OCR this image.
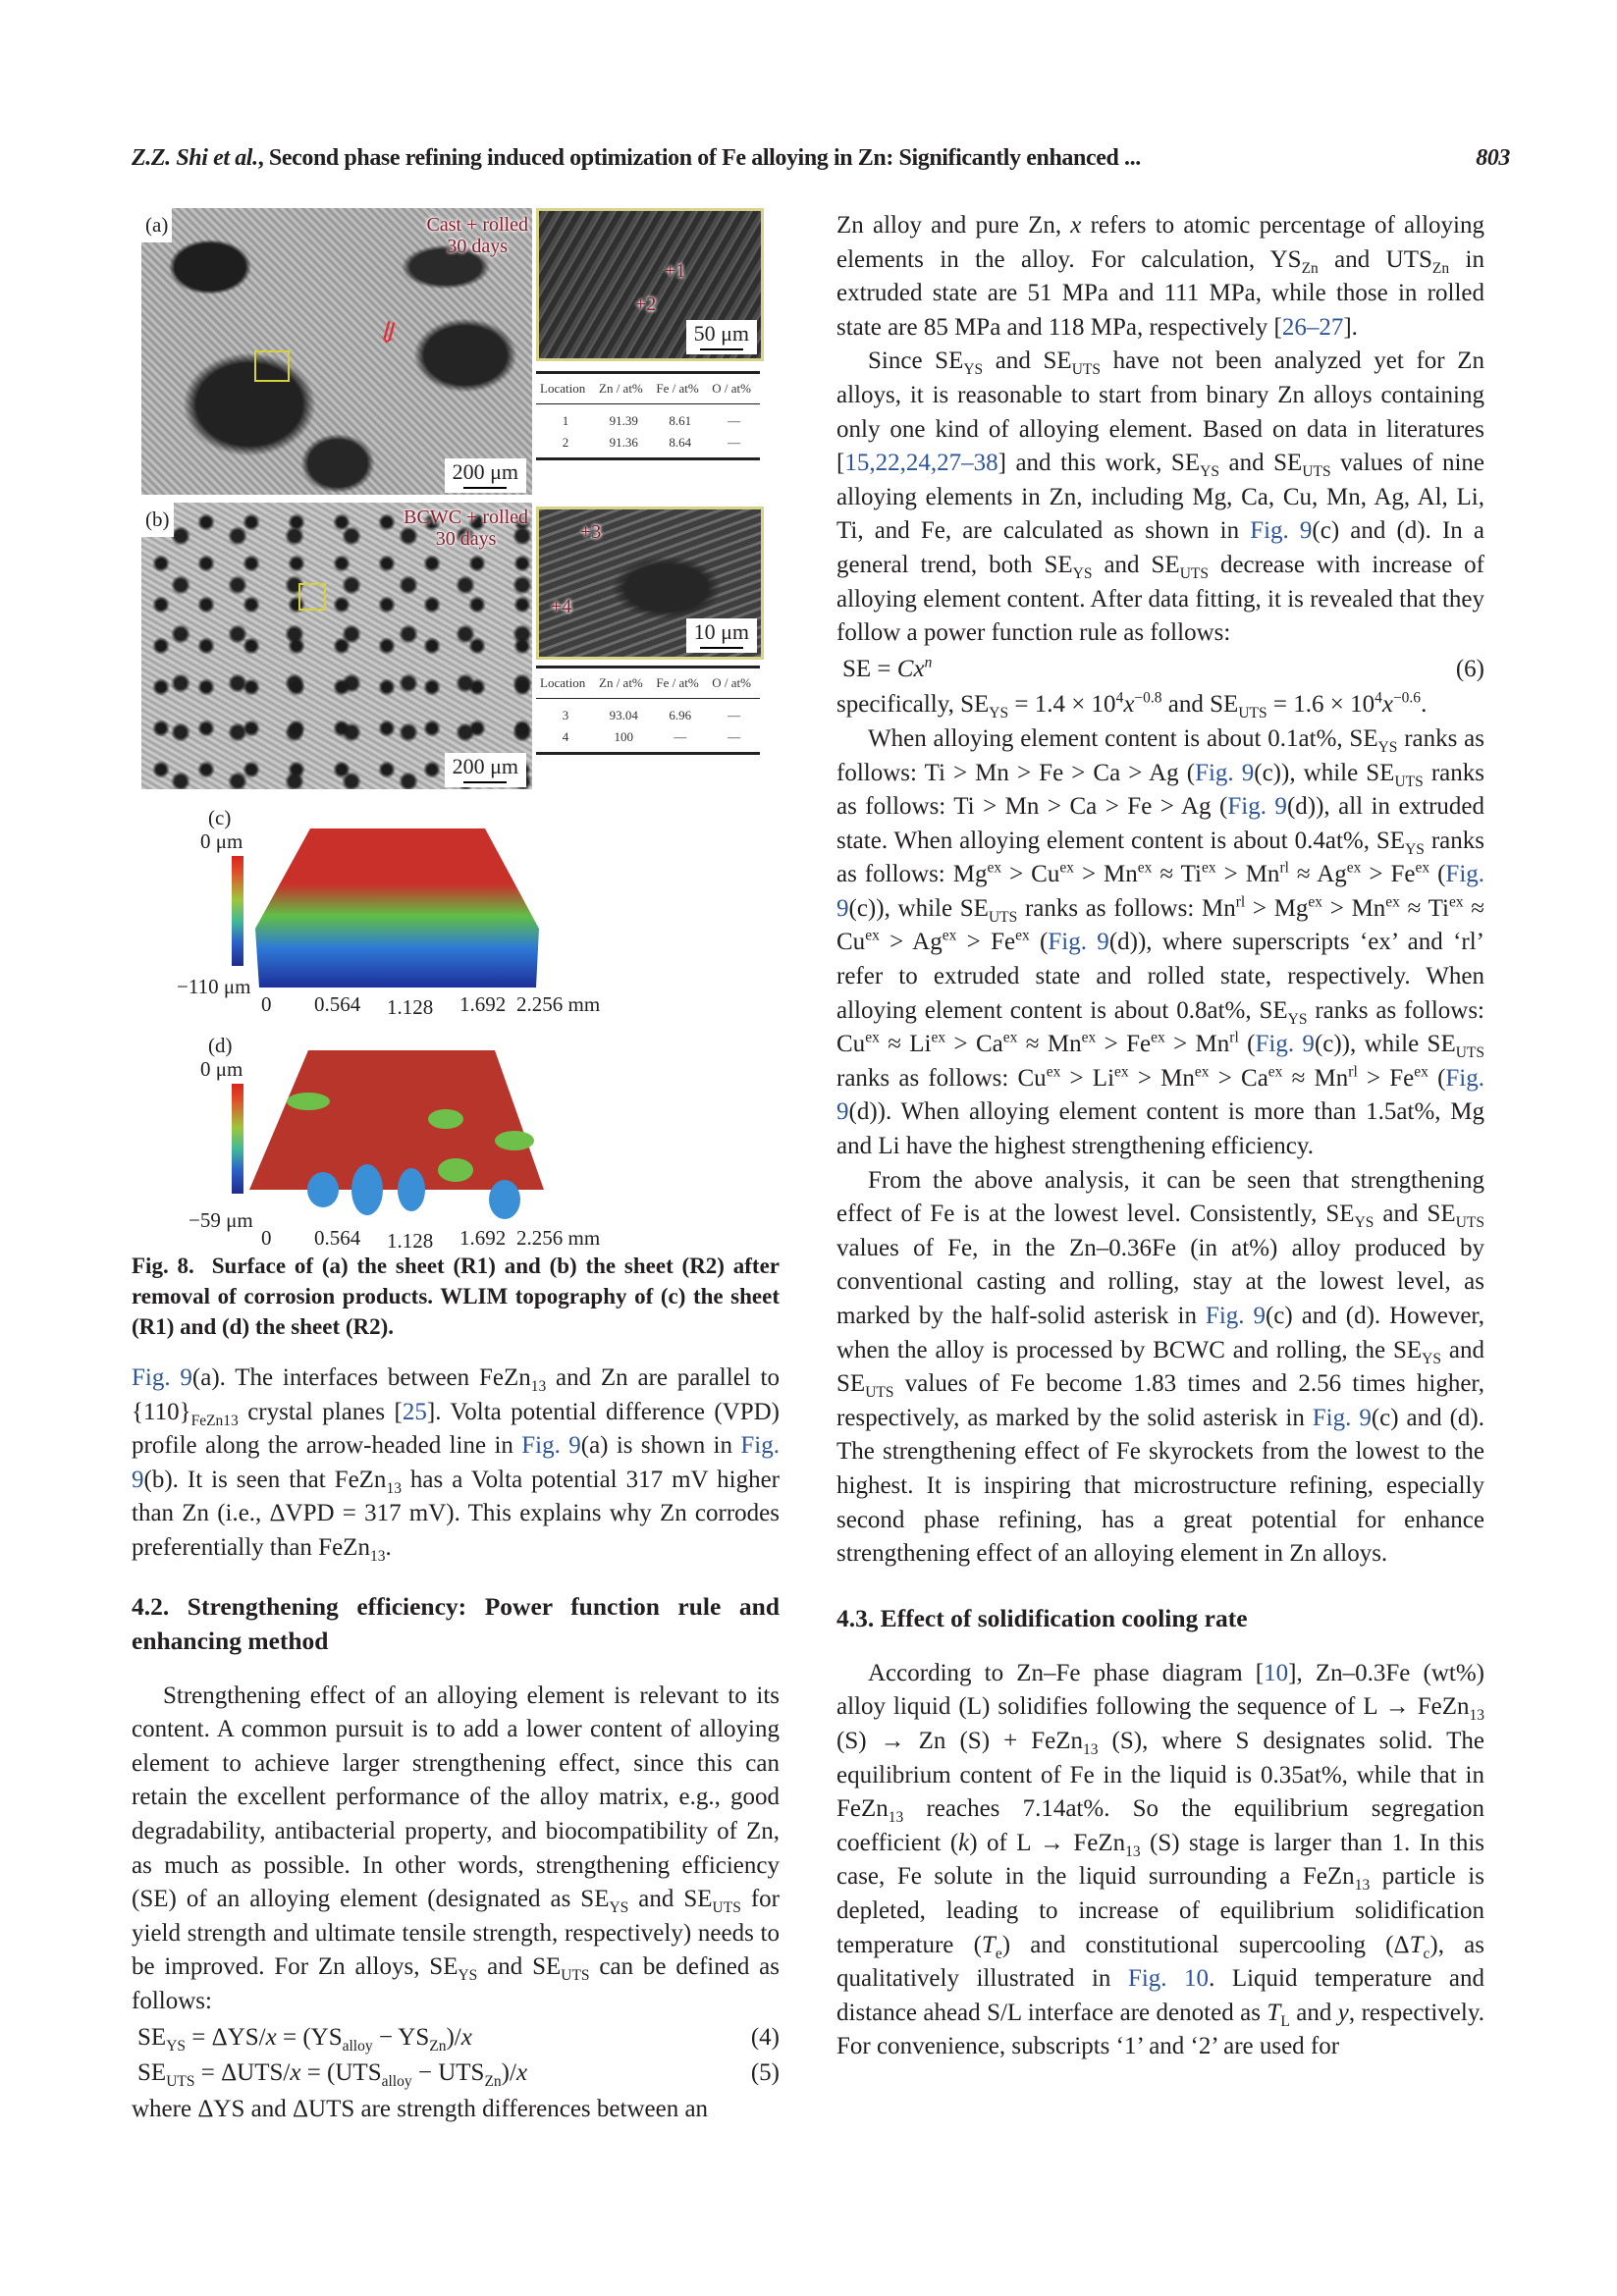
Z.Z. Shi et al., Second phase refining induced optimization of Fe alloying in Zn: Significantly enhanced ...	803
(a)	Cast + rolled
30 days
⇙
200 μm
+1
+2
50 μm
Location	Zn / at%	Fe / at%	O / at%
1	91.39	8.61	—
2	91.36	8.64	—
(b)	BCWC + rolled
30 days
200 μm
+3
+4
10 μm
Location	Zn / at%	Fe / at%	O / at%
3	93.04	6.96	—
4	100	—	—
(c)
0 μm
−110 μm
0 0.564 1.128 1.692 2.256 mm
(d)
0 μm
−59 μm
0 0.564 1.128 1.692 2.256 mm

Fig. 8. Surface of (a) the sheet (R1) and (b) the sheet (R2) after removal of corrosion products. WLIM topography of (c) the sheet (R1) and (d) the sheet (R2).

Fig. 9(a). The interfaces between FeZn$_{13}$ and Zn are parallel to $\{110\}_{FeZn13}$ crystal planes [25]. Volta potential difference (VPD) profile along the arrow-headed line in Fig. 9(a) is shown in Fig. 9(b). It is seen that FeZn$_{13}$ has a Volta potential 317 mV higher than Zn (i.e., ΔVPD = 317 mV). This explains why Zn corrodes preferentially than FeZn$_{13}$.

4.2. Strengthening efficiency: Power function rule and enhancing method

Strengthening effect of an alloying element is relevant to its content. A common pursuit is to add a lower content of alloying element to achieve larger strengthening effect, since this can retain the excellent performance of the alloy matrix, e.g., good degradability, antibacterial property, and biocompatibility of Zn, as much as possible. In other words, strengthening efficiency (SE) of an alloying element (designated as $SE_{YS}$ and $SE_{UTS}$ for yield strength and ultimate tensile strength, respectively) needs to be improved. For Zn alloys, $SE_{YS}$ and $SE_{UTS}$ can be defined as follows:

$SE_{YS} = \Delta YS/x = (YS_{alloy} - YS_{Zn})/x$	(4)
$SE_{UTS} = \Delta UTS/x = (UTS_{alloy} - UTS_{Zn})/x$	(5)

where ΔYS and ΔUTS are strength differences between an

Zn alloy and pure Zn, x refers to atomic percentage of alloying elements in the alloy. For calculation, $YS_{Zn}$ and $UTS_{Zn}$ in extruded state are 51 MPa and 111 MPa, while those in rolled state are 85 MPa and 118 MPa, respectively [26–27].

Since $SE_{YS}$ and $SE_{UTS}$ have not been analyzed yet for Zn alloys, it is reasonable to start from binary Zn alloys containing only one kind of alloying element. Based on data in literatures [15,22,24,27–38] and this work, $SE_{YS}$ and $SE_{UTS}$ values of nine alloying elements in Zn, including Mg, Ca, Cu, Mn, Ag, Al, Li, Ti, and Fe, are calculated as shown in Fig. 9(c) and (d). In a general trend, both $SE_{YS}$ and $SE_{UTS}$ decrease with increase of alloying element content. After data fitting, it is revealed that they follow a power function rule as follows:

SE = $Cx^n$	(6)

specifically, $SE_{YS} = 1.4 \times 10^4x^{-0.8}$ and $SE_{UTS} = 1.6 \times 10^4x^{-0.6}$.

When alloying element content is about 0.1at%, $SE_{YS}$ ranks as follows: Ti > Mn > Fe > Ca > Ag (Fig. 9(c)), while $SE_{UTS}$ ranks as follows: Ti > Mn > Ca > Fe > Ag (Fig. 9(d)), all in extruded state. When alloying element content is about 0.4at%, $SE_{YS}$ ranks as follows: $Mg^{ex} > Cu^{ex} > Mn^{ex} \approx Ti^{ex} > Mn^{rl} \approx Ag^{ex} > Fe^{ex}$ (Fig. 9(c)), while $SE_{UTS}$ ranks as follows: $Mn^{rl} > Mg^{ex} > Mn^{ex} \approx Ti^{ex} \approx Cu^{ex} > Ag^{ex} > Fe^{ex}$ (Fig. 9(d)), where superscripts ‘ex’ and ‘rl’ refer to extruded state and rolled state, respectively. When alloying element content is about 0.8at%, $SE_{YS}$ ranks as follows: $Cu^{ex} \approx Li^{ex} > Ca^{ex} \approx Mn^{ex} > Fe^{ex} > Mn^{rl}$ (Fig. 9(c)), while $SE_{UTS}$ ranks as follows: $Cu^{ex} > Li^{ex} > Mn^{ex} > Ca^{ex} \approx Mn^{rl} > Fe^{ex}$ (Fig. 9(d)). When alloying element content is more than 1.5at%, Mg and Li have the highest strengthening efficiency.

From the above analysis, it can be seen that strengthening effect of Fe is at the lowest level. Consistently, $SE_{YS}$ and $SE_{UTS}$ values of Fe, in the Zn–0.36Fe (in at%) alloy produced by conventional casting and rolling, stay at the lowest level, as marked by the half-solid asterisk in Fig. 9(c) and (d). However, when the alloy is processed by BCWC and rolling, the $SE_{YS}$ and $SE_{UTS}$ values of Fe become 1.83 times and 2.56 times higher, respectively, as marked by the solid asterisk in Fig. 9(c) and (d). The strengthening effect of Fe skyrockets from the lowest to the highest. It is inspiring that microstructure refining, especially second phase refining, has a great potential for enhance strengthening effect of an alloying element in Zn alloys.

4.3. Effect of solidification cooling rate

According to Zn–Fe phase diagram [10], Zn–0.3Fe (wt%) alloy liquid (L) solidifies following the sequence of L → FeZn$_{13}$ (S) → Zn (S) + FeZn$_{13}$ (S), where S designates solid. The equilibrium content of Fe in the liquid is 0.35at%, while that in FeZn$_{13}$ reaches 7.14at%. So the equilibrium segregation coefficient (k) of L → FeZn$_{13}$ (S) stage is larger than 1. In this case, Fe solute in the liquid surrounding a FeZn$_{13}$ particle is depleted, leading to increase of equilibrium solidification temperature $(T_e)$ and constitutional supercooling $(\Delta T_c)$, as qualitatively illustrated in Fig. 10. Liquid temperature and distance ahead S/L interface are denoted as $T_L$ and y, respectively. For convenience, subscripts ‘1’ and ‘2’ are used for
